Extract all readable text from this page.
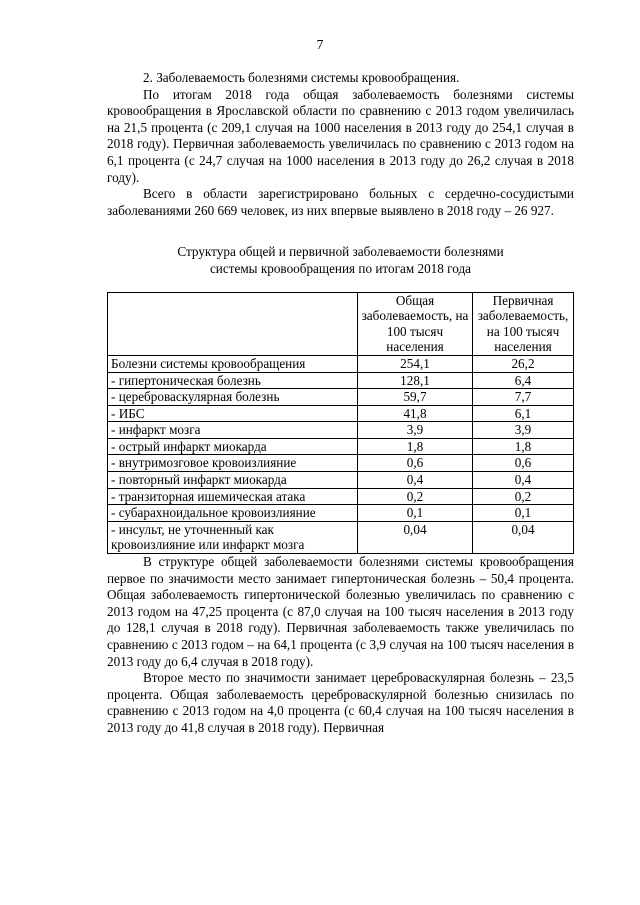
7

2. Заболеваемость болезнями системы кровообращения.

По итогам 2018 года общая заболеваемость болезнями системы кровообращения в Ярославской области по сравнению с 2013 годом увеличилась на 21,5 процента (с 209,1 случая на 1000 населения в 2013 году до 254,1 случая в 2018 году). Первичная заболеваемость увеличилась по сравнению с 2013 годом на 6,1 процента (с 24,7 случая на 1000 населения в 2013 году до 26,2 случая в 2018 году).

Всего в области зарегистрировано больных с сердечно-сосудистыми заболеваниями 260 669 человек, из них впервые выявлено в 2018 году – 26 927.

Структура общей и первичной заболеваемости болезнями
системы кровообращения по итогам 2018 года
	Общая заболеваемость, на 100 тысяч населения	Первичная заболеваемость, на 100 тысяч населения
Болезни системы кровообращения	254,1	26,2
- гипертоническая болезнь	128,1	6,4
- цереброваскулярная болезнь	59,7	7,7
- ИБС	41,8	6,1
- инфаркт мозга	3,9	3,9
- острый инфаркт миокарда	1,8	1,8
- внутримозговое кровоизлияние	0,6	0,6
- повторный инфаркт миокарда	0,4	0,4
- транзиторная ишемическая атака	0,2	0,2
- субарахноидальное кровоизлияние	0,1	0,1
- инсульт, не уточненный как кровоизлияние или инфаркт мозга	0,04	0,04

В структуре общей заболеваемости болезнями системы кровообращения первое по значимости место занимает гипертоническая болезнь – 50,4 процента. Общая заболеваемость гипертонической болезнью увеличилась по сравнению с 2013 годом на 47,25 процента (с 87,0 случая на 100 тысяч населения в 2013 году до 128,1 случая в 2018 году). Первичная заболеваемость также увеличилась по сравнению с 2013 годом – на 64,1 процента (с 3,9 случая на 100 тысяч населения в 2013 году до 6,4 случая в 2018 году).

Второе место по значимости занимает цереброваскулярная болезнь – 23,5 процента. Общая заболеваемость цереброваскулярной болезнью снизилась по сравнению с 2013 годом на 4,0 процента (с 60,4 случая на 100 тысяч населения в 2013 году до 41,8 случая в 2018 году). Первичная
